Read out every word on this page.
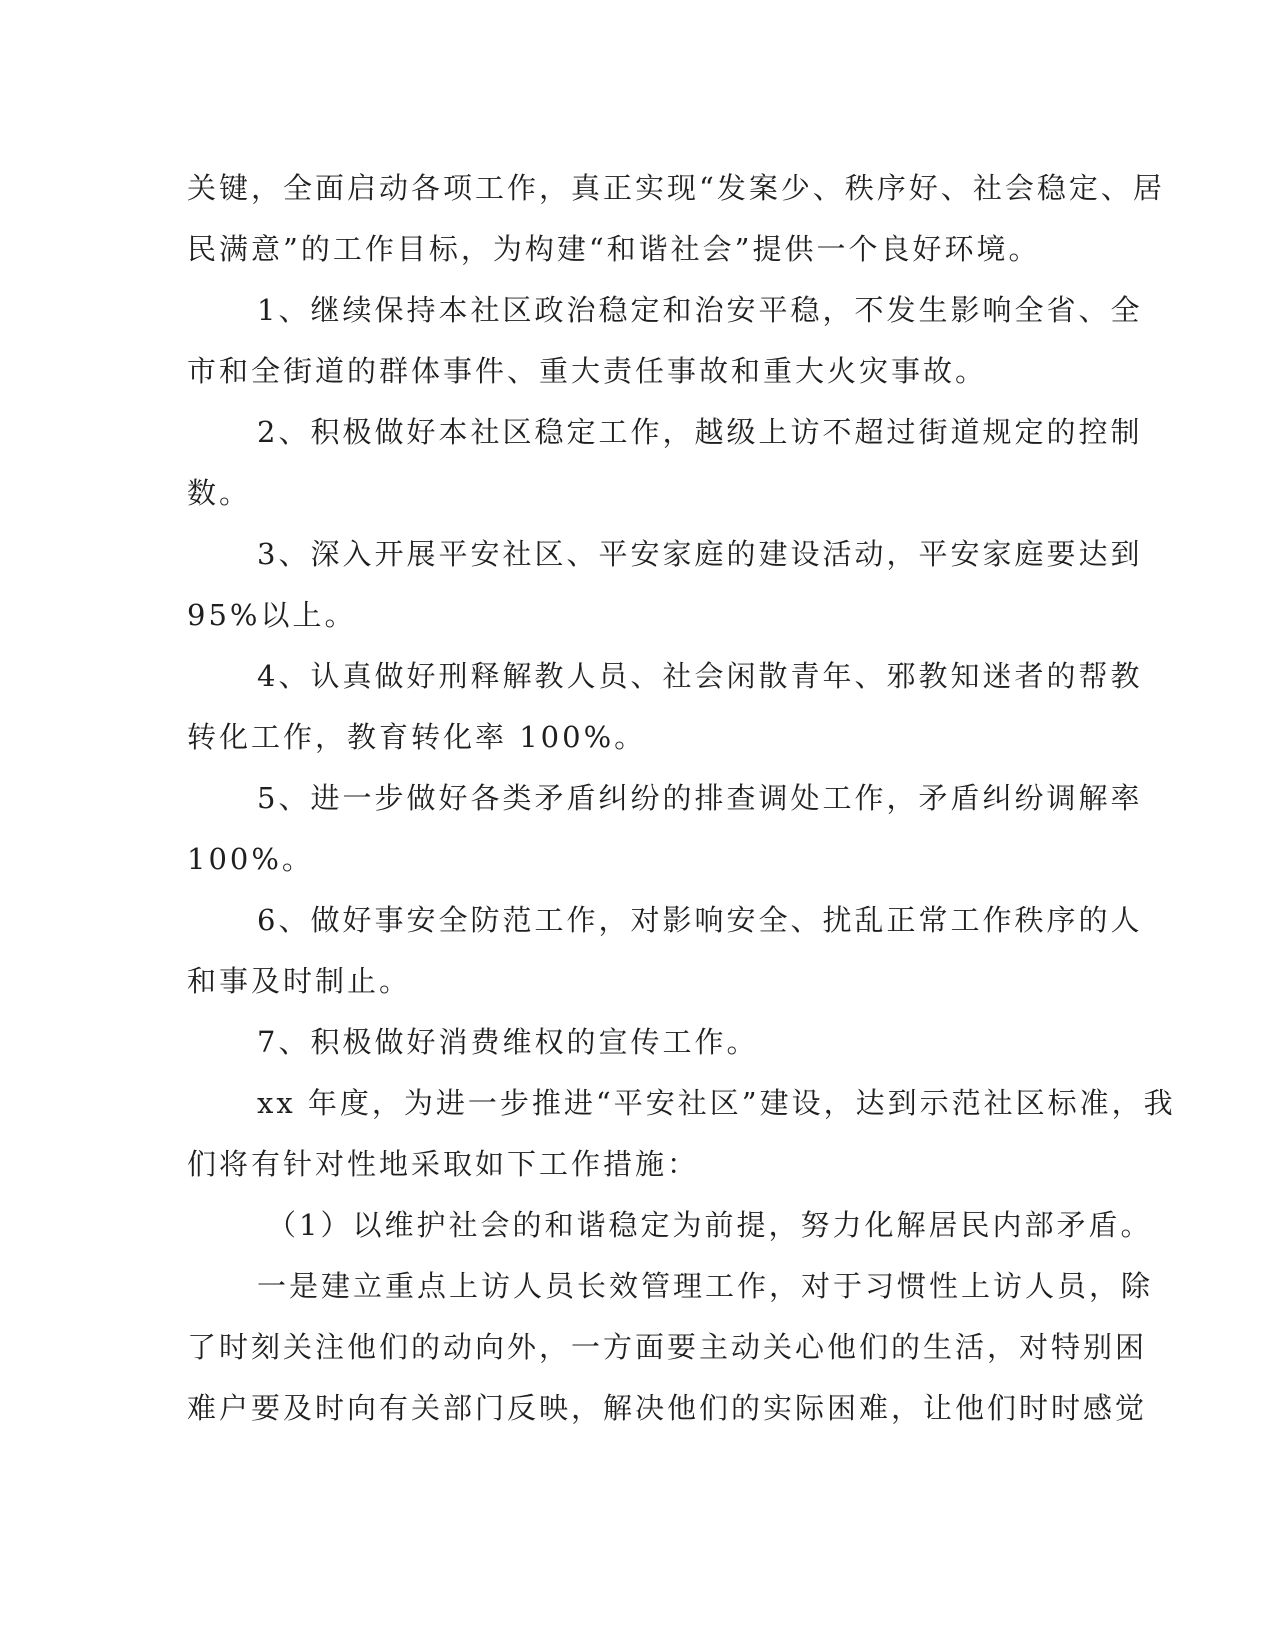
关键，全面启动各项工作，真正实现“发案少、秩序好、社会稳定、居
民满意”的工作目标，为构建“和谐社会”提供一个良好环境。
1、继续保持本社区政治稳定和治安平稳，不发生影响全省、全
市和全街道的群体事件、重大责任事故和重大火灾事故。
2、积极做好本社区稳定工作，越级上访不超过街道规定的控制
数。
3、深入开展平安社区、平安家庭的建设活动，平安家庭要达到
95%以上。
4、认真做好刑释解教人员、社会闲散青年、邪教知迷者的帮教
转化工作，教育转化率 100%。
5、进一步做好各类矛盾纠纷的排查调处工作，矛盾纠纷调解率
100%。
6、做好事安全防范工作，对影响安全、扰乱正常工作秩序的人
和事及时制止。
7、积极做好消费维权的宣传工作。
xx 年度，为进一步推进“平安社区”建设，达到示范社区标准，我
们将有针对性地采取如下工作措施：
（1）以维护社会的和谐稳定为前提，努力化解居民内部矛盾。
一是建立重点上访人员长效管理工作，对于习惯性上访人员，除
了时刻关注他们的动向外，一方面要主动关心他们的生活，对特别困
难户要及时向有关部门反映，解决他们的实际困难，让他们时时感觉
